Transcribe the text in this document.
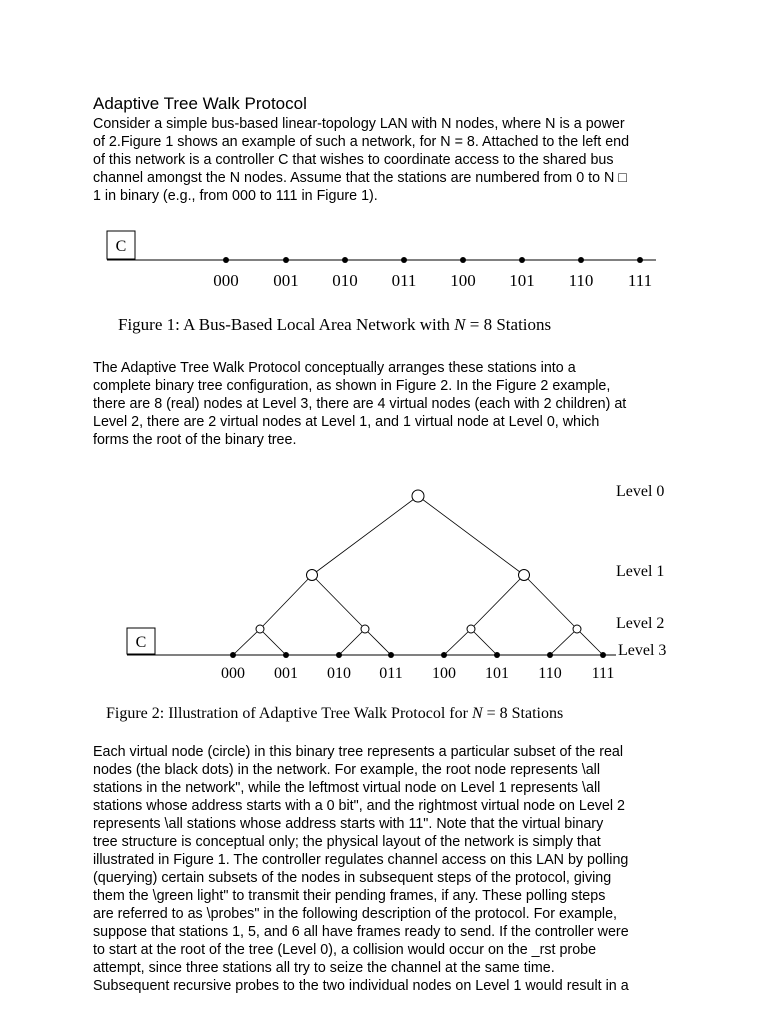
Adaptive Tree Walk Protocol
Consider a simple bus-based linear-topology LAN with N nodes, where N is a power
of 2.Figure 1 shows an example of such a network, for N = 8. Attached to the left end
of this network is a controller C that wishes to coordinate access to the shared bus
channel amongst the N nodes. Assume that the stations are numbered from 0 to N □
1 in binary (e.g., from 000 to 111 in Figure 1).
C
000 001 010 011 100 101 110 111
Figure 1: A Bus-Based Local Area Network with N = 8 Stations
The Adaptive Tree Walk Protocol conceptually arranges these stations into a
complete binary tree configuration, as shown in Figure 2. In the Figure 2 example,
there are 8 (real) nodes at Level 3, there are 4 virtual nodes (each with 2 children) at
Level 2, there are 2 virtual nodes at Level 1, and 1 virtual node at Level 0, which
forms the root of the binary tree.
C
000 001 010 011 100 101 110 111
Level 0
Level 1
Level 2
Level 3
Figure 2: Illustration of Adaptive Tree Walk Protocol for N = 8 Stations
Each virtual node (circle) in this binary tree represents a particular subset of the real
nodes (the black dots) in the network. For example, the root node represents \all
stations in the network", while the leftmost virtual node on Level 1 represents \all
stations whose address starts with a 0 bit", and the rightmost virtual node on Level 2
represents \all stations whose address starts with 11". Note that the virtual binary
tree structure is conceptual only; the physical layout of the network is simply that
illustrated in Figure 1. The controller regulates channel access on this LAN by polling
(querying) certain subsets of the nodes in subsequent steps of the protocol, giving
them the \green light" to transmit their pending frames, if any. These polling steps
are referred to as \probes" in the following description of the protocol. For example,
suppose that stations 1, 5, and 6 all have frames ready to send. If the controller were
to start at the root of the tree (Level 0), a collision would occur on the _rst probe
attempt, since three stations all try to seize the channel at the same time.
Subsequent recursive probes to the two individual nodes on Level 1 would result in a
